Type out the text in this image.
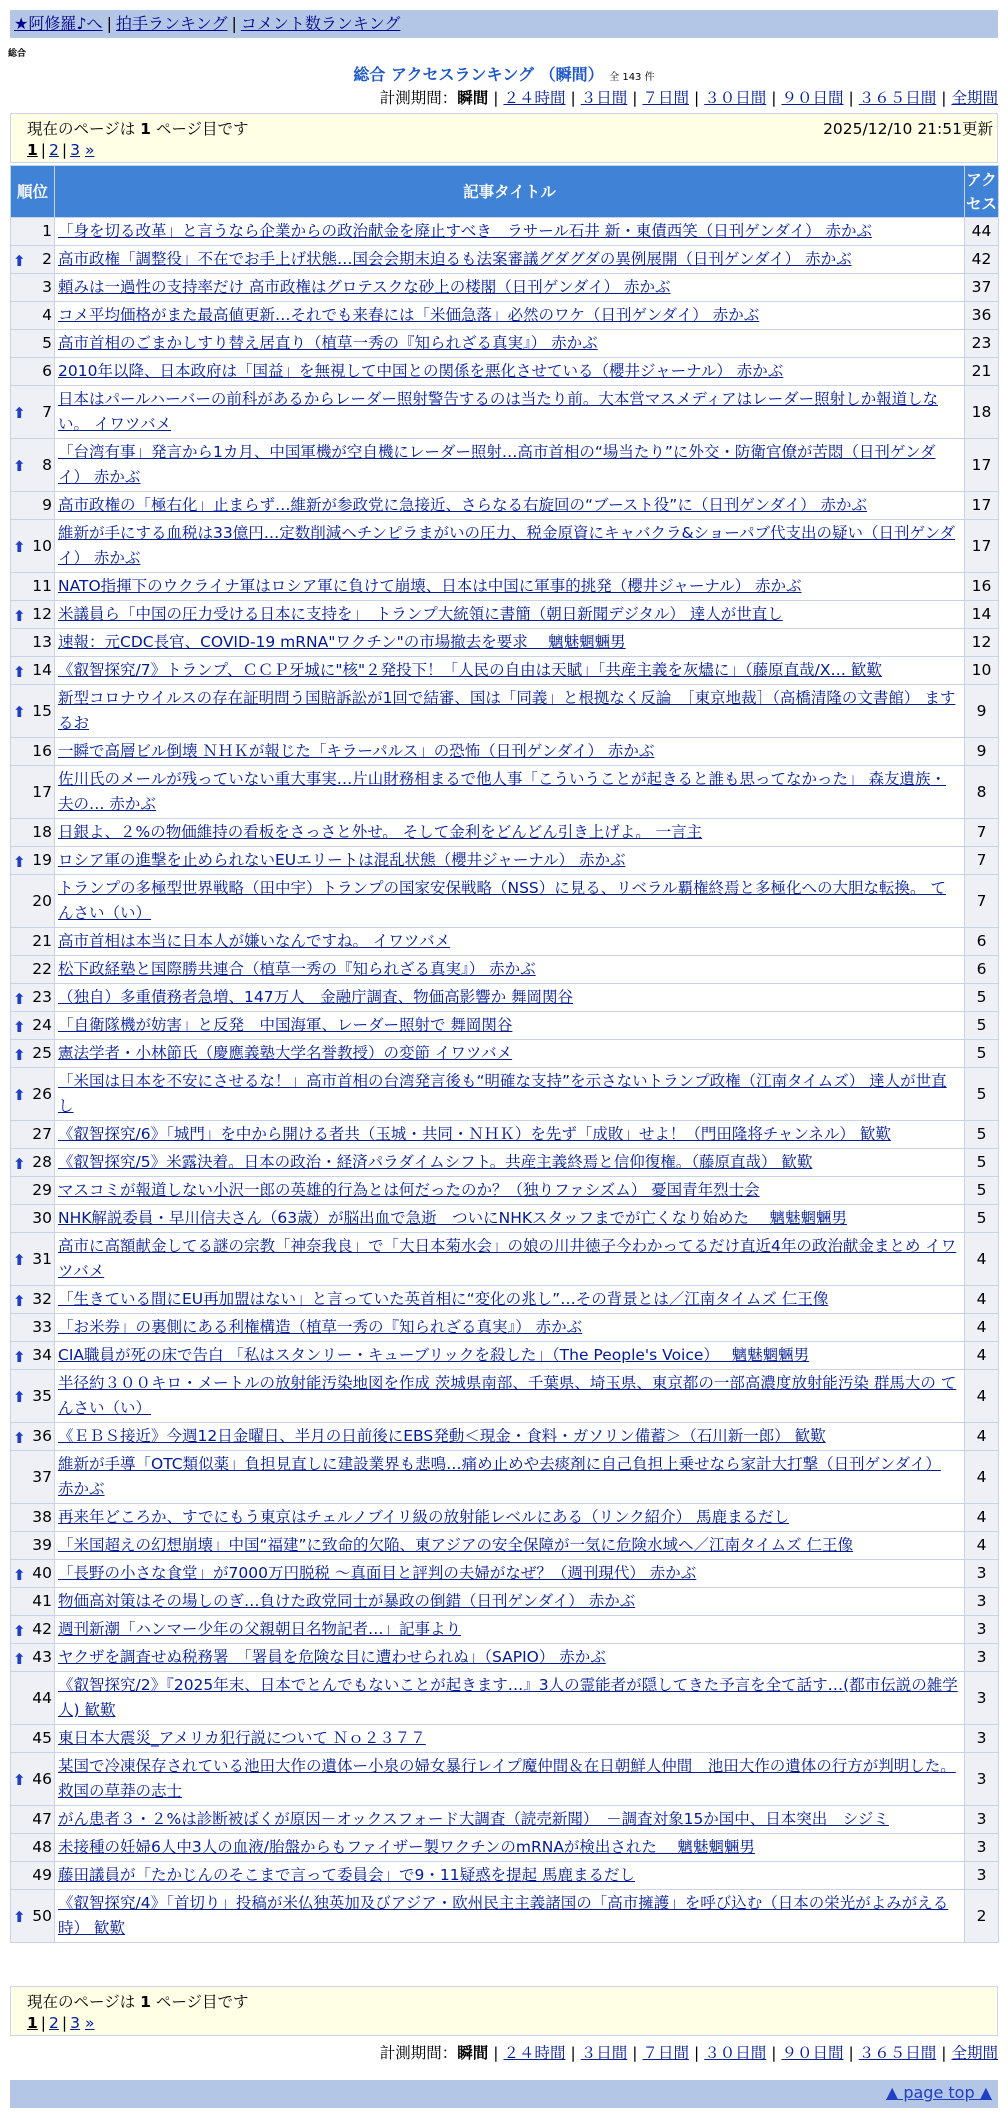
★阿修羅♪へ | 拍手ランキング | コメント数ランキング
総合
総合 アクセスランキング （瞬間） 全 143 件
計測期間：瞬間 | ２４時間 | ３日間 | ７日間 | ３０日間 | ９０日間 | ３６５日間 | 全期間
現在のページは 1 ページ目です	2025/12/10 21:51更新
1 | 2 | 3 »
順位	記事タイトル	アクセス
1	「身を切る改革」と言うなら企業からの政治献金を廃止すべき　ラサール石井 新・東債西笑（日刊ゲンダイ） 赤かぶ	44

⬆ 2	高市政権「調整役」不在でお手上げ状態…国会会期末迫るも法案審議グダグダの異例展開（日刊ゲンダイ） 赤かぶ	42
3	頼みは一過性の支持率だけ 高市政権はグロテスクな砂上の楼閣（日刊ゲンダイ） 赤かぶ	37
4	コメ平均価格がまた最高値更新…それでも来春には「米価急落」必然のワケ（日刊ゲンダイ） 赤かぶ	36
5	高市首相のごまかしすり替え居直り（植草一秀の『知られざる真実』） 赤かぶ	23
6	2010年以降、日本政府は「国益」を無視して中国との関係を悪化させている（櫻井ジャーナル） 赤かぶ	21

⬆ 7	日本はパールハーバーの前科があるからレーダー照射警告するのは当たり前。大本営マスメディアはレーダー照射しか報道しない。 イワツバメ	18

⬆ 8	「台湾有事」発言から1カ月、中国軍機が空自機にレーダー照射…高市首相の“場当たり”に外交・防衛官僚が苦悶（日刊ゲンダイ） 赤かぶ	17
9	高市政権の「極右化」止まらず…維新が参政党に急接近、さらなる右旋回の“ブースト役”に（日刊ゲンダイ） 赤かぶ	17

⬆ 10	維新が手にする血税は33億円…定数削減ヘチンピラまがいの圧力、税金原資にキャバクラ&ショーパブ代支出の疑い（日刊ゲンダイ） 赤かぶ	17
11	NATO指揮下のウクライナ軍はロシア軍に負けて崩壊、日本は中国に軍事的挑発（櫻井ジャーナル） 赤かぶ	16

⬆ 12	米議員ら「中国の圧力受ける日本に支持を」　トランプ大統領に書簡（朝日新聞デジタル） 達人が世直し	14
13	速報：元CDC長官、COVID-19 mRNA"ワクチン"の市場撤去を要求　 魑魅魍魎男	12

⬆ 14	《叡智探究/7》トランプ、ＣＣＰ牙城に"核"２発投下！「人民の自由は天賦」「共産主義を灰燼に」（藤原直哉/X… 歓歎	10

⬆ 15	新型コロナウイルスの存在証明問う国賠訴訟が1回で結審、国は「同義」と根拠なく反論　［東京地裁］（高橋清隆の文書館） まするお	9
16	一瞬で高層ビル倒壊 ＮＨＫが報じた「キラーパルス」の恐怖（日刊ゲンダイ） 赤かぶ	9
17	佐川氏のメールが残っていない重大事実…片山財務相まるで他人事「こういうことが起きると誰も思ってなかった」 森友遺族・夫の… 赤かぶ	8
18	日銀よ、２%の物価維持の看板をさっさと外せ。 そして金利をどんどん引き上げよ。 一言主	7

⬆ 19	ロシア軍の進撃を止められないEUエリートは混乱状態（櫻井ジャーナル） 赤かぶ	7
20	トランプの多極型世界戦略（田中宇）トランプの国家安保戦略（NSS）に見る、リベラル覇権終焉と多極化への大胆な転換。 てんさい（い）	7
21	高市首相は本当に日本人が嫌いなんですね。 イワツバメ	6
22	松下政経塾と国際勝共連合（植草一秀の『知られざる真実』） 赤かぶ	6

⬆ 23	（独自）多重債務者急増、147万人　金融庁調査、物価高影響か 舞岡関谷	5

⬆ 24	「自衛隊機が妨害」と反発　中国海軍、レーダー照射で 舞岡関谷	5

⬆ 25	憲法学者・小林節氏（慶應義塾大学名誉教授）の変節 イワツバメ	5

⬆ 26	「米国は日本を不安にさせるな！」高市首相の台湾発言後も“明確な支持”を示さないトランプ政権（江南タイムズ） 達人が世直し	5
27	《叡智探究/6》「城門」を中から開ける者共（玉城・共同・ＮＨＫ）を先ず「成敗」せよ！（門田隆将チャンネル） 歓歎	5

⬆ 28	《叡智探究/5》米露決着。日本の政治・経済パラダイムシフト。共産主義終焉と信仰復権。（藤原直哉） 歓歎	5
29	マスコミが報道しない小沢一郎の英雄的行為とは何だったのか？（独りファシズム） 憂国青年烈士会	5
30	NHK解説委員・早川信夫さん（63歳）が脳出血で急逝　ついにNHKスタッフまでが亡くなり始めた　 魑魅魍魎男	5

⬆ 31	高市に高額献金してる謎の宗教「神奈我良」で「大日本菊水会」の娘の川井徳子今わかってるだけ直近4年の政治献金まとめ イワツバメ	4

⬆ 32	「生きている間にEU再加盟はない」と言っていた英首相に“変化の兆し”…その背景とは／江南タイムズ 仁王像	4
33	「お米券」の裏側にある利権構造（植草一秀の『知られざる真実』） 赤かぶ	4

⬆ 34	CIA職員が死の床で告白 「私はスタンリー・キューブリックを殺した」（The People's Voice）　 魑魅魍魎男	4

⬆ 35	半径約３００キロ・メートルの放射能汚染地図を作成 茨城県南部、千葉県、埼玉県、東京都の一部高濃度放射能汚染 群馬大の てんさい（い）	4

⬆ 36	《ＥＢＳ接近》今週12日金曜日、半月の日前後にEBS発動＜現金・食料・ガソリン備蓄＞（石川新一郎） 歓歎	4
37	維新が手導「OTC類似薬」負担見直しに建設業界も悲鳴…痛め止めや去痰剤に自己負担上乗せなら家計大打撃（日刊ゲンダイ） 赤かぶ	4
38	再来年どころか、すでにもう東京はチェルノブイリ級の放射能レベルにある（リンク紹介） 馬鹿まるだし	4
39	「米国超えの幻想崩壊」中国“福建”に致命的欠陥、東アジアの安全保障が一気に危険水域へ／江南タイムズ 仁王像	4

⬆ 40	「長野の小さな食堂」が7000万円脱税 ～真面目と評判の夫婦がなぜ？（週刊現代） 赤かぶ	3
41	物価高対策はその場しのぎ…負けた政党同士が暴政の倒錯（日刊ゲンダイ） 赤かぶ	3

⬆ 42	週刊新潮「ハンマー少年の父親朝日名物記者…」記事より	3

⬆ 43	ヤクザを調査せぬ税務署　「署員を危険な目に遭わせられぬ」（SAPIO） 赤かぶ	3
44	《叡智探究/2》『2025年末、日本でとんでもないことが起きます…』3人の霊能者が隠してきた予言を全て話す…(都市伝説の雑学人) 歓歎	3
45	東日本大震災_アメリカ犯行説について Ｎｏ２３７７	3

⬆ 46	某国で冷凍保存されている池田大作の遺体ー小泉の婦女暴行レイプ魔仲間＆在日朝鮮人仲間　池田大作の遺体の行方が判明した。 救国の草莽の志士	3
47	がん患者３・２%は診断被ばくが原因－オックスフォード大調査（読売新聞）　－調査対象15か国中、日本突出　シジミ	3
48	未接種の妊婦6人中3人の血液/胎盤からもファイザー製ワクチンのmRNAが検出された　 魑魅魍魎男	3
49	藤田議員が「たかじんのそこまで言って委員会」で9・11疑惑を提起 馬鹿まるだし	3

⬆ 50	《叡智探究/4》「首切り」投稿が米仏独英加及びアジア・欧州民主主義諸国の「高市擁護」を呼び込む（日本の栄光がよみがえる時） 歓歎	2
現在のページは 1 ページ目です
1 | 2 | 3 »
計測期間：瞬間 | ２４時間 | ３日間 | ７日間 | ３０日間 | ９０日間 | ３６５日間 | 全期間
▲ page top ▲
